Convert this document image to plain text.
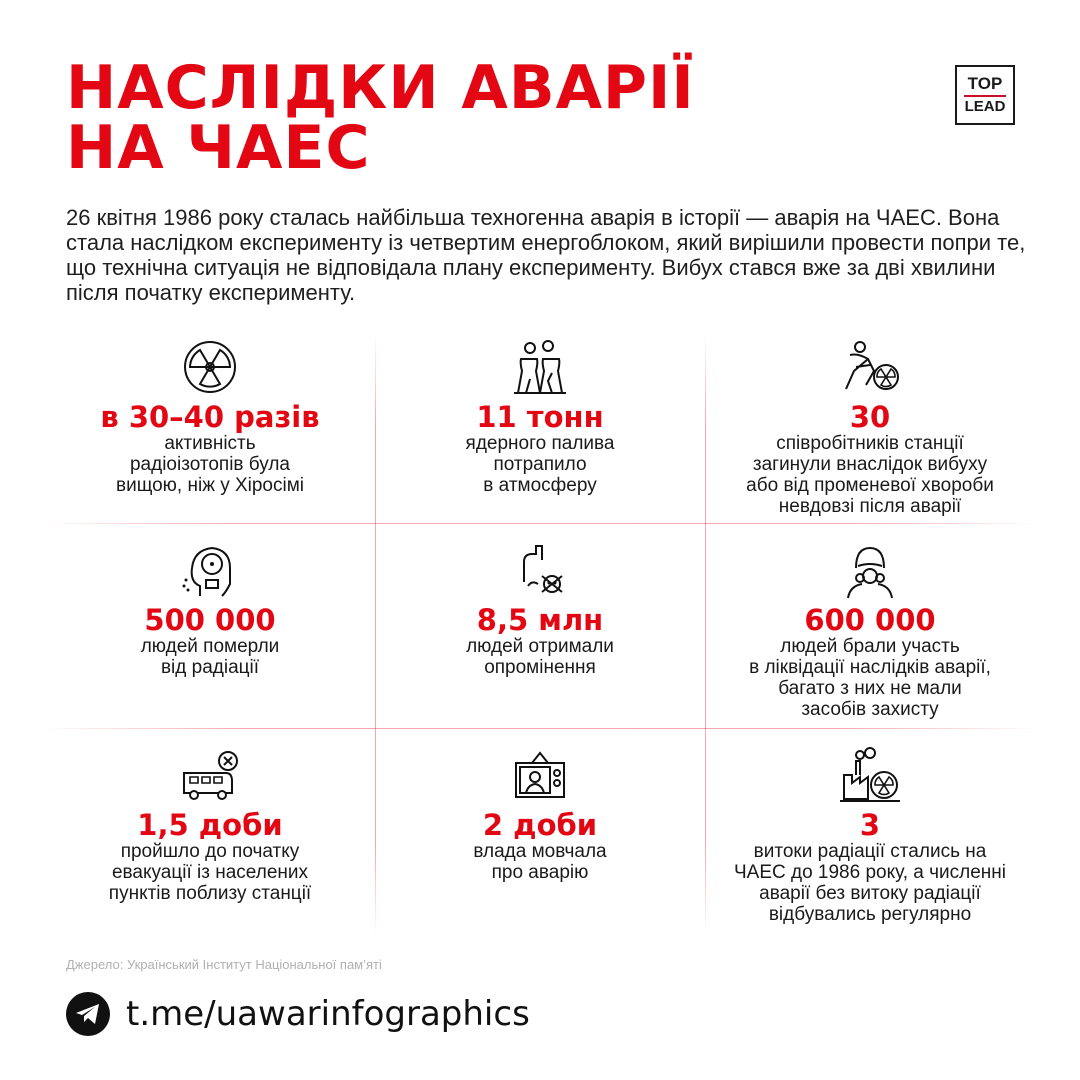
НАСЛІДКИ АВАРІЇ
НА ЧАЕС
TOP
LEAD

26 квітня 1986 року сталась найбільша техногенна аварія в історії — аварія на ЧАЕС. Вона стала наслідком експерименту із четвертим енергоблоком, який вирішили провести попри те, що технічна ситуація не відповідала плану експерименту. Вибух стався вже за дві хвилини після початку експерименту.

в 30–40 разів
активність
радіоізотопів була
вищою, ніж у Хіросімі
11 тонн
ядерного палива
потрапило
в атмосферу
30
співробітників станції
загинули внаслідок вибуху
або від променевої хвороби
невдовзі після аварії
500 000
людей померли
від радіації
8,5 млн
людей отримали
опромінення
600 000
людей брали участь
в ліквідації наслідків аварії,
багато з них не мали
засобів захисту
1,5 доби
пройшло до початку
евакуації із населених
пунктів поблизу станції
2 доби
влада мовчала
про аварію
3
витоки радіації стались на
ЧАЕС до 1986 року, а численні
аварії без витоку радіації
відбувались регулярно
Джерело: Український Інститут Національної пам’яті
t.me/uawarinfographics
